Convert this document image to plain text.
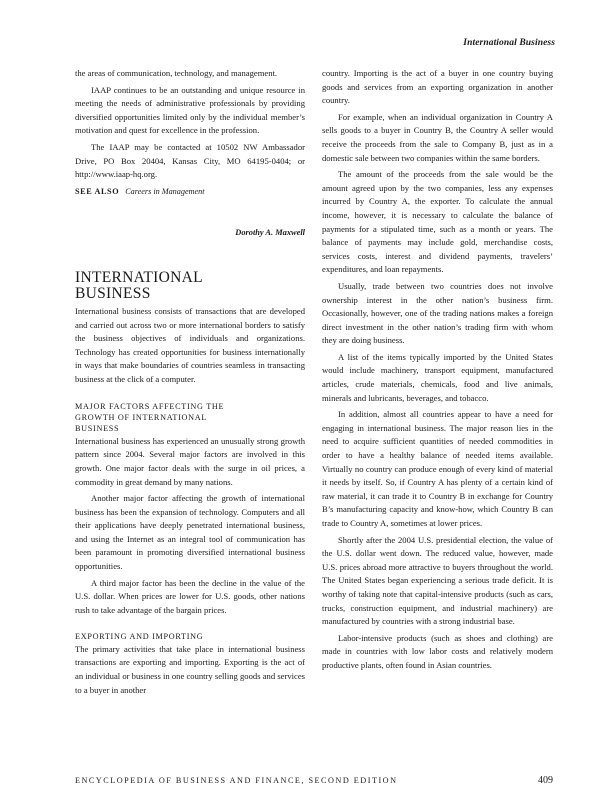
International Business

the areas of communication, technology, and management.

IAAP continues to be an outstanding and unique resource in meeting the needs of administrative professionals by providing diversified opportunities limited only by the individual member’s motivation and quest for excellence in the profession.

The IAAP may be contacted at 10502 NW Ambassador Drive, PO Box 20404, Kansas City, MO 64195-0404; or http://www.iaap-hq.org.

SEE ALSO Careers in Management
Dorothy A. Maxwell
INTERNATIONAL
BUSINESS

International business consists of transactions that are developed and carried out across two or more international borders to satisfy the business objectives of individuals and organizations. Technology has created opportunities for business internationally in ways that make boundaries of countries seamless in transacting business at the click of a computer.

MAJOR FACTORS AFFECTING THE
GROWTH OF INTERNATIONAL
BUSINESS

International business has experienced an unusually strong growth pattern since 2004. Several major factors are involved in this growth. One major factor deals with the surge in oil prices, a commodity in great demand by many nations.

Another major factor affecting the growth of international business has been the expansion of technology. Computers and all their applications have deeply penetrated international business, and using the Internet as an integral tool of communication has been paramount in promoting diversified international business opportunities.

A third major factor has been the decline in the value of the U.S. dollar. When prices are lower for U.S. goods, other nations rush to take advantage of the bargain prices.

EXPORTING AND IMPORTING

The primary activities that take place in international business transactions are exporting and importing. Exporting is the act of an individual or business in one country selling goods and services to a buyer in another

country. Importing is the act of a buyer in one country buying goods and services from an exporting organization in another country.

For example, when an individual organization in Country A sells goods to a buyer in Country B, the Country A seller would receive the proceeds from the sale to Company B, just as in a domestic sale between two companies within the same borders.

The amount of the proceeds from the sale would be the amount agreed upon by the two companies, less any expenses incurred by Country A, the exporter. To calculate the annual income, however, it is necessary to calculate the balance of payments for a stipulated time, such as a month or years. The balance of payments may include gold, merchandise costs, services costs, interest and dividend payments, travelers’ expenditures, and loan repayments.

Usually, trade between two countries does not involve ownership interest in the other nation’s business firm. Occasionally, however, one of the trading nations makes a foreign direct investment in the other nation’s trading firm with whom they are doing business.

A list of the items typically imported by the United States would include machinery, transport equipment, manufactured articles, crude materials, chemicals, food and live animals, minerals and lubricants, beverages, and tobacco.

In addition, almost all countries appear to have a need for engaging in international business. The major reason lies in the need to acquire sufficient quantities of needed commodities in order to have a healthy balance of needed items available. Virtually no country can produce enough of every kind of material it needs by itself. So, if Country A has plenty of a certain kind of raw material, it can trade it to Country B in exchange for Country B’s manufacturing capacity and know-how, which Country B can trade to Country A, sometimes at lower prices.

Shortly after the 2004 U.S. presidential election, the value of the U.S. dollar went down. The reduced value, however, made U.S. prices abroad more attractive to buyers throughout the world. The United States began experiencing a serious trade deficit. It is worthy of taking note that capital-intensive products (such as cars, trucks, construction equipment, and industrial machinery) are manufactured by countries with a strong industrial base.

Labor-intensive products (such as shoes and clothing) are made in countries with low labor costs and relatively modern productive plants, often found in Asian countries.

ENCYCLOPEDIA OF BUSINESS AND FINANCE, SECOND EDITION	409
